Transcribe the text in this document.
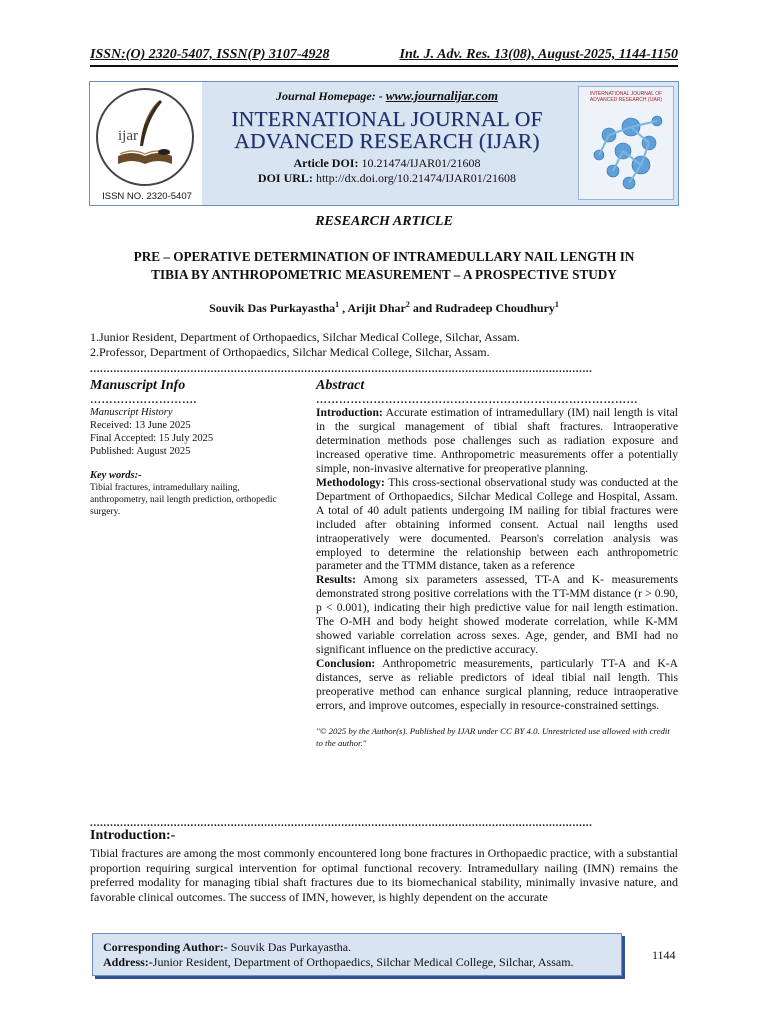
ISSN:(O) 2320-5407, ISSN(P) 3107-4928	Int. J. Adv. Res. 13(08), August-2025, 1144-1150
ijar
ISSN NO. 2320-5407
Journal Homepage: - www.journalijar.com
INTERNATIONAL JOURNAL OF
ADVANCED RESEARCH (IJAR)
Article DOI: 10.21474/IJAR01/21608
DOI URL: http://dx.doi.org/10.21474/IJAR01/21608
INTERNATIONAL JOURNAL OF ADVANCED RESEARCH (IJAR)
RESEARCH ARTICLE
PRE – OPERATIVE DETERMINATION OF INTRAMEDULLARY NAIL LENGTH IN
TIBIA BY ANTHROPOMETRIC MEASUREMENT – A PROSPECTIVE STUDY
Souvik Das Purkayastha$^1$ , Arijit Dhar$^2$ and Rudradeep Choudhury$^1$
1.Junior Resident, Department of Orthopaedics, Silchar Medical College, Silchar, Assam.
2.Professor, Department of Orthopaedics, Silchar Medical College, Silchar, Assam.
......................................................................................................................................................
Manuscript Info
……………………….
Manuscript History
Received: 13 June 2025
Final Accepted: 15 July 2025
Published: August 2025
Key words:-
Tibial fractures, intramedullary nailing, anthropometry, nail length prediction, orthopedic surgery.
Abstract
…………………………………………………………………………
Introduction: Accurate estimation of intramedullary (IM) nail length is vital in the surgical management of tibial shaft fractures. Intraoperative determination methods pose challenges such as radiation exposure and increased operative time. Anthropometric measurements offer a potentially simple, non-invasive alternative for preoperative planning.
Methodology: This cross-sectional observational study was conducted at the Department of Orthopaedics, Silchar Medical College and Hospital, Assam. A total of 40 adult patients undergoing IM nailing for tibial fractures were included after obtaining informed consent. Actual nail lengths used intraoperatively were documented. Pearson's correlation analysis was employed to determine the relationship between each anthropometric parameter and the TTMM distance, taken as a reference
Results: Among six parameters assessed, TT-A and K- measurements demonstrated strong positive correlations with the TT-MM distance (r > 0.90, p < 0.001), indicating their high predictive value for nail length estimation. The O-MH and body height showed moderate correlation, while K-MM showed variable correlation across sexes. Age, gender, and BMI had no significant influence on the predictive accuracy.
Conclusion: Anthropometric measurements, particularly TT-A and K-A distances, serve as reliable predictors of ideal tibial nail length. This preoperative method can enhance surgical planning, reduce intraoperative errors, and improve outcomes, especially in resource-constrained settings.
"© 2025 by the Author(s). Published by IJAR under CC BY 4.0. Unrestricted use allowed with credit to the author."
......................................................................................................................................................
Introduction:-
Tibial fractures are among the most commonly encountered long bone fractures in Orthopaedic practice, with a substantial proportion requiring surgical intervention for optimal functional recovery. Intramedullary nailing (IMN) remains the preferred modality for managing tibial shaft fractures due to its biomechanical stability, minimally invasive nature, and favorable clinical outcomes. The success of IMN, however, is highly dependent on the accurate
Corresponding Author:- Souvik Das Purkayastha.
Address:-Junior Resident, Department of Orthopaedics, Silchar Medical College, Silchar, Assam.	1144
